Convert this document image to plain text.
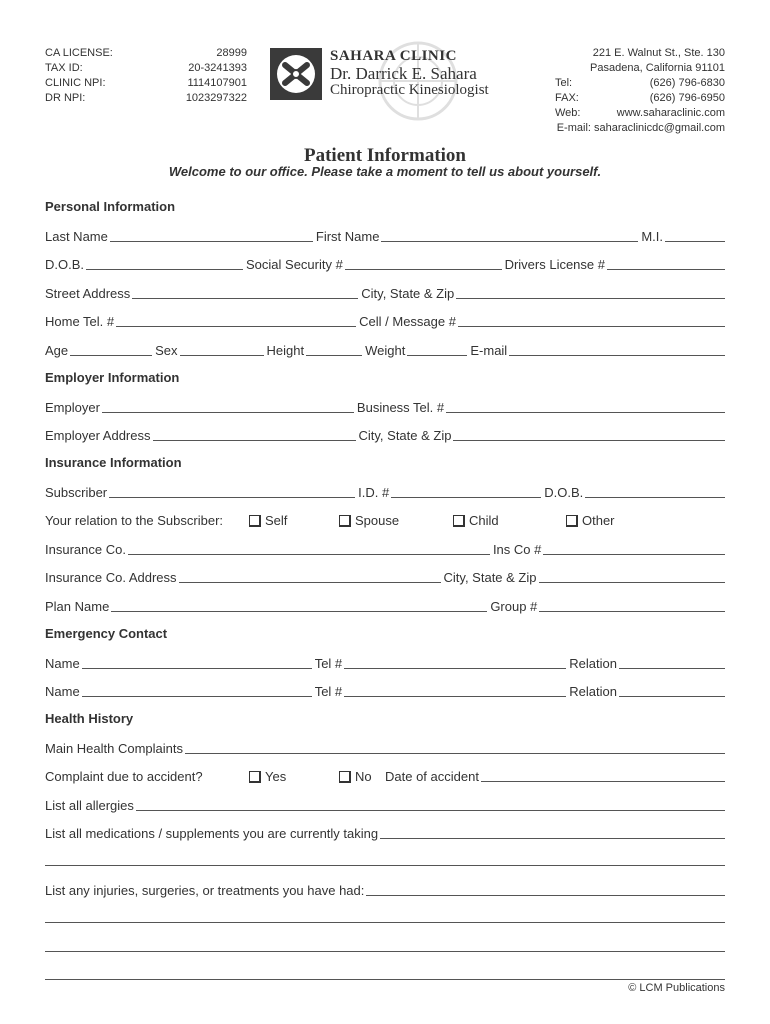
CA LICENSE:	28999
TAX ID:	20-3241393
CLINIC NPI:	1114107901
DR NPI:	1023297322
SAHARA CLINIC
Dr. Darrick E. Sahara
Chiropractic Kinesiologist
221 E. Walnut St., Ste. 130
Pasadena, California 91101
Tel:	(626) 796-6830
FAX:	(626) 796-6950
Web:	www.saharaclinic.com
E-mail: saharaclinicdc@gmail.com
Patient Information
Welcome to our office. Please take a moment to tell us about yourself.
Personal Information
Last Name	First Name	M.I.
D.O.B.	Social Security #	Drivers License #
Street Address	City, State & Zip
Home Tel. #	Cell / Message #
Age	Sex	Height	Weight	E-mail
Employer Information
Employer	Business Tel. #
Employer Address	City, State & Zip
Insurance Information
Subscriber	I.D. #	D.O.B.
Your relation to the Subscriber:	Self	Spouse	Child	Other
Insurance Co.	Ins Co #
Insurance Co. Address	City, State & Zip
Plan Name	Group #
Emergency Contact
Name	Tel #	Relation
Name	Tel #	Relation
Health History
Main Health Complaints
Complaint due to accident?	Yes	No Date of accident
List all allergies
List all medications / supplements you are currently taking
List any injuries, surgeries, or treatments you have had:
© LCM Publications
